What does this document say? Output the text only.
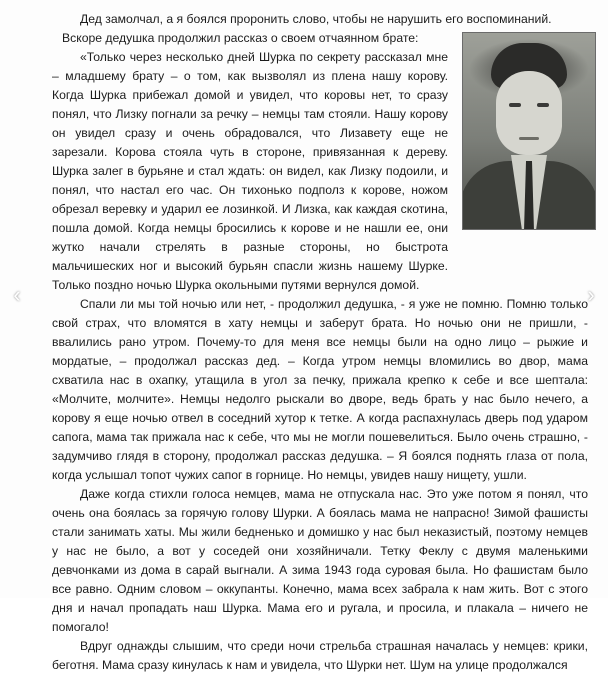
Дед замолчал, а я боялся проронить слово, чтобы не нарушить его воспоминаний.

Вскоре дедушка продолжил рассказ о своем отчаянном брате:

«Только через несколько дней Шурка по секрету рассказал мне – младшему брату – о том, как вызволял из плена нашу корову. Когда Шурка прибежал домой и увидел, что коровы нет, то сразу понял, что Лизку погнали за речку – немцы там стояли. Нашу корову он увидел сразу и очень обрадовался, что Лизавету еще не зарезали. Корова стояла чуть в стороне, привязанная к дереву. Шурка залег в бурьяне и стал ждать: он видел, как Лизку подоили, и понял, что настал его час. Он тихонько подполз к корове, ножом обрезал веревку и ударил ее лозинкой. И Лизка, как каждая скотина, пошла домой. Когда немцы бросились к корове и не нашли ее, они жутко начали стрелять в разные стороны, но быстрота мальчишеских ног и высокий бурьян спасли жизнь нашему Шурке. Только поздно ночью Шурка окольными путями вернулся домой.

Спали ли мы той ночью или нет, - продолжил дедушка, - я уже не помню. Помню только свой страх, что вломятся в хату немцы и заберут брата. Но ночью они не пришли, - ввалились рано утром. Почему-то для меня все немцы были на одно лицо – рыжие и мордатые, – продолжал рассказ дед. – Когда утром немцы вломились во двор, мама схватила нас в охапку, утащила в угол за печку, прижала крепко к себе и все шептала: «Молчите, молчите». Немцы недолго рыскали во дворе, ведь брать у нас было нечего, а корову я еще ночью отвел в соседний хутор к тетке. А когда распахнулась дверь под ударом сапога, мама так прижала нас к себе, что мы не могли пошевелиться. Было очень страшно, - задумчиво глядя в сторону, продолжал рассказ дедушка. – Я боялся поднять глаза от пола, когда услышал топот чужих сапог в горнице. Но немцы, увидев нашу нищету, ушли.

Даже когда стихли голоса немцев, мама не отпускала нас. Это уже потом я понял, что очень она боялась за горячую голову Шурки. А боялась мама не напрасно! Зимой фашисты стали занимать хаты. Мы жили бедненько и домишко у нас был неказистый, поэтому немцев у нас не было, а вот у соседей они хозяйничали. Тетку Феклу с двумя маленькими девчонками из дома в сарай выгнали. А зима 1943 года суровая была. Но фашистам было все равно. Одним словом – оккупанты. Конечно, мама всех забрала к нам жить. Вот с этого дня и начал пропадать наш Шурка. Мама его и ругала, и просила, и плакала – ничего не помогало!

Вдруг однажды слышим, что среди ночи стрельба страшная началась у немцев: крики, беготня. Мама сразу кинулась к нам и увидела, что Шурки нет. Шум на улице продолжался

‹	›
